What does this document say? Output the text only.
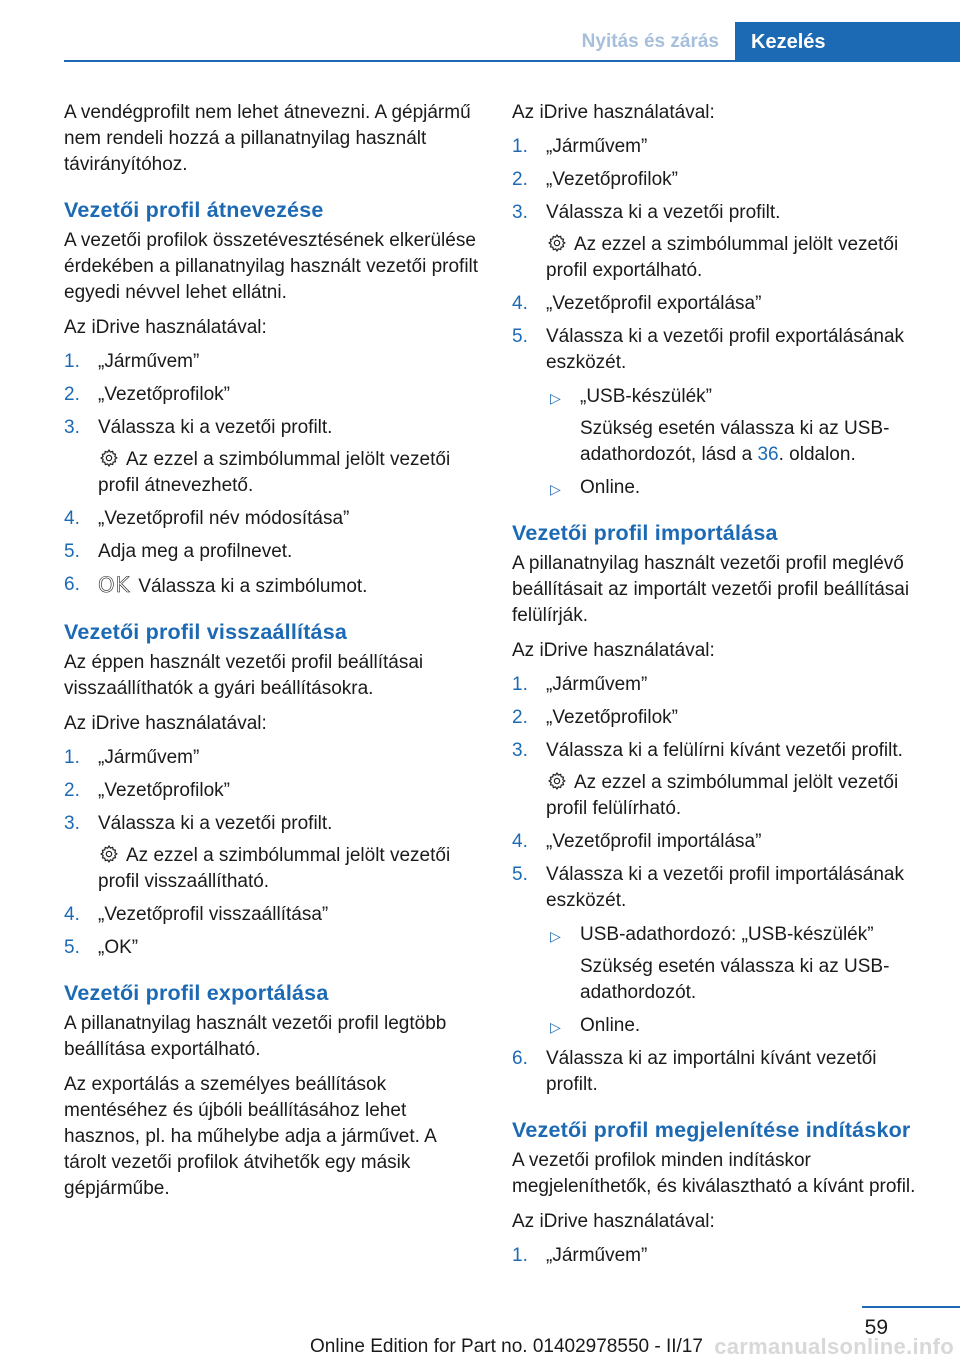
Nyitás és zárás	Kezelés

A vendégprofilt nem lehet átnevezni. A gépjármű nem rendeli hozzá a pillanatnyilag használt távirányítóhoz.

Vezetői profil átnevezése

A vezetői profilok összetévesztésének elkerülése érdekében a pillanatnyilag használt vezetői profilt egyedi névvel lehet ellátni.

Az iDrive használatával:

1. „Járművem”
2. „Vezetőprofilok”
3. Válassza ki a vezetői profilt.
Az ezzel a szimbólummal jelölt vezetői profil átnevezhető.
4. „Vezetőprofil név módosítása”
5. Adja meg a profilnevet.
6. OK Válassza ki a szimbólumot.
Vezetői profil visszaállítása

Az éppen használt vezetői profil beállításai visszaállíthatók a gyári beállításokra.

Az iDrive használatával:

1. „Járművem”
2. „Vezetőprofilok”
3. Válassza ki a vezetői profilt.
Az ezzel a szimbólummal jelölt vezetői profil visszaállítható.
4. „Vezetőprofil visszaállítása”
5. „OK”
Vezetői profil exportálása

A pillanatnyilag használt vezetői profil legtöbb beállítása exportálható.

Az exportálás a személyes beállítások mentéséhez és újbóli beállításához lehet hasznos, pl. ha műhelybe adja a járművet. A tárolt vezetői profilok átvihetők egy másik gépjárműbe.

Az iDrive használatával:

1. „Járművem”
2. „Vezetőprofilok”
3. Válassza ki a vezetői profilt.
Az ezzel a szimbólummal jelölt vezetői profil exportálható.
4. „Vezetőprofil exportálása”
5. Válassza ki a vezetői profil exportálásának eszközét.
▷ „USB-készülék”
Szükség esetén válassza ki az USB-adathordozót, lásd a 36. oldalon.
▷ Online.
Vezetői profil importálása

A pillanatnyilag használt vezetői profil meglévő beállításait az importált vezetői profil beállításai felülírják.

Az iDrive használatával:

1. „Járművem”
2. „Vezetőprofilok”
3. Válassza ki a felülírni kívánt vezetői profilt.
Az ezzel a szimbólummal jelölt vezetői profil felülírható.
4. „Vezetőprofil importálása”
5. Válassza ki a vezetői profil importálásának eszközét.
▷ USB-adathordozó: „USB-készülék”
Szükség esetén válassza ki az USB-adathordozót.
▷ Online.
6. Válassza ki az importálni kívánt vezetői profilt.
Vezetői profil megjelenítése indításkor

A vezetői profilok minden indításkor megjeleníthetők, és kiválasztható a kívánt profil.

Az iDrive használatával:

1. „Járművem”
59
Online Edition for Part no. 01402978550 - II/17 carmanualsonline.info
